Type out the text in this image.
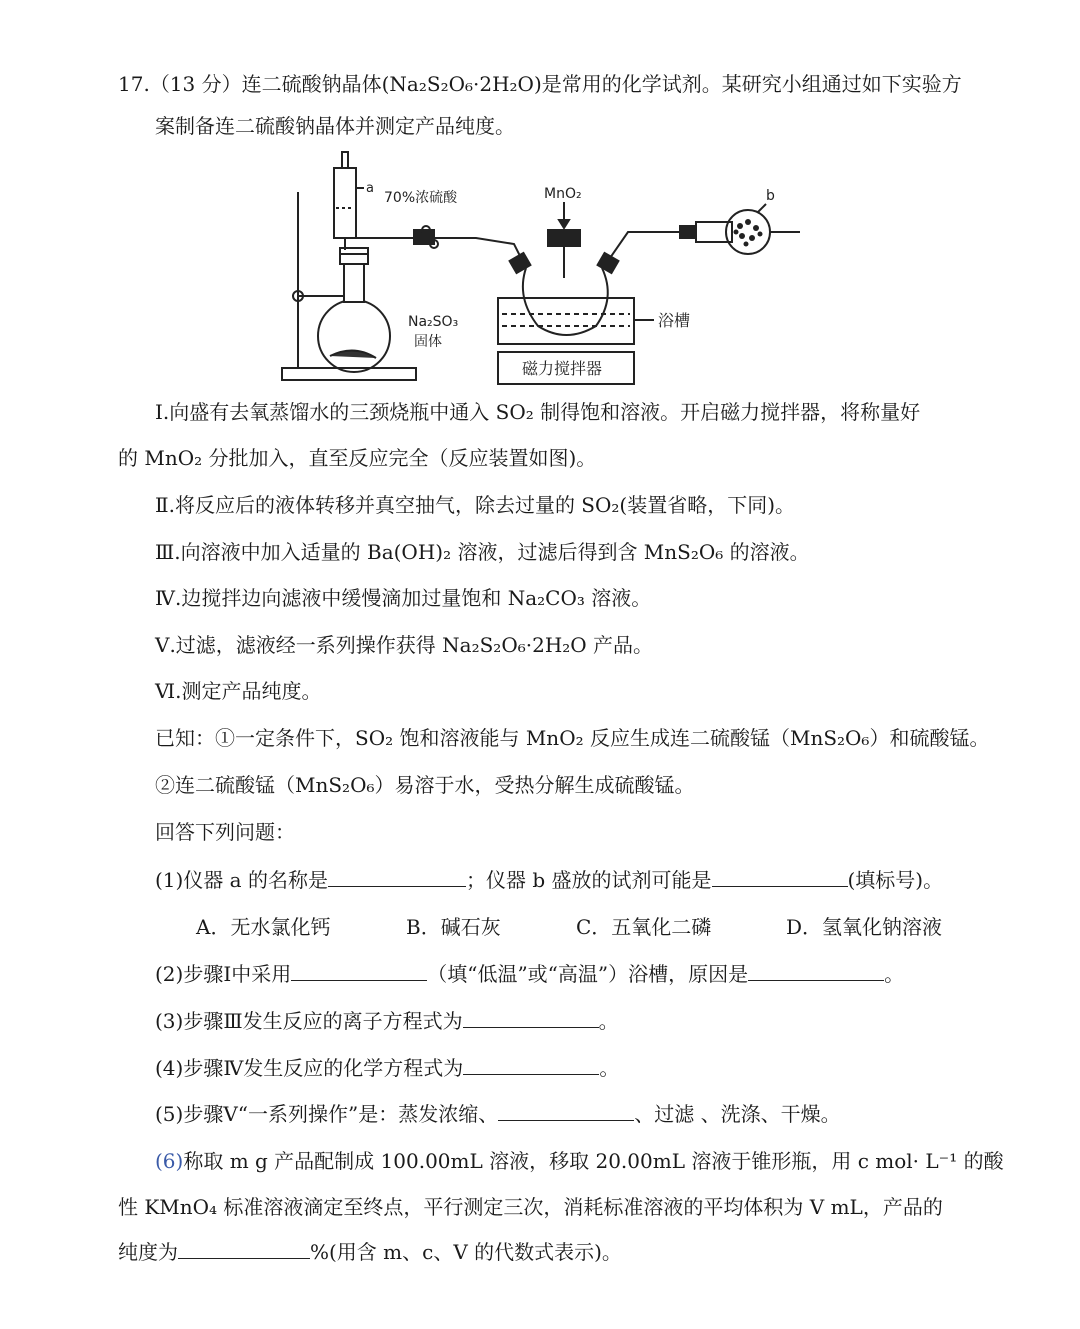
17.（13 分）连二硫酸钠晶体(Na₂S₂O₆·2H₂O)是常用的化学试剂。某研究小组通过如下实验方
案制备连二硫酸钠晶体并测定产品纯度。
a
70%浓硫酸	MnO₂	b
Na₂SO₃
固体
浴槽
磁力搅拌器
Ⅰ.向盛有去氧蒸馏水的三颈烧瓶中通入 SO₂ 制得饱和溶液。开启磁力搅拌器，将称量好
的 MnO₂ 分批加入，直至反应完全（反应装置如图)。
Ⅱ.将反应后的液体转移并真空抽气，除去过量的 SO₂(装置省略，下同)。
Ⅲ.向溶液中加入适量的 Ba(OH)₂ 溶液，过滤后得到含 MnS₂O₆ 的溶液。
Ⅳ.边搅拌边向滤液中缓慢滴加过量饱和 Na₂CO₃ 溶液。
Ⅴ.过滤，滤液经一系列操作获得 Na₂S₂O₆·2H₂O 产品。
Ⅵ.测定产品纯度。
已知：①一定条件下，SO₂ 饱和溶液能与 MnO₂ 反应生成连二硫酸锰（MnS₂O₆）和硫酸锰。
②连二硫酸锰（MnS₂O₆）易溶于水，受热分解生成硫酸锰。
回答下列问题：
(1)仪器 a 的名称是	；仪器 b 盛放的试剂可能是	(填标号)。
A．无水氯化钙	B．碱石灰	C．五氧化二磷	D．氢氧化钠溶液
(2)步骤Ⅰ中采用	（填“低温”或“高温”）浴槽，原因是	。
(3)步骤Ⅲ发生反应的离子方程式为	。
(4)步骤Ⅳ发生反应的化学方程式为	。
(5)步骤Ⅴ“一系列操作”是：蒸发浓缩、	、过滤 、洗涤、干燥。
(6)称取 m g 产品配制成 100.00mL 溶液，移取 20.00mL 溶液于锥形瓶，用 c mol· L⁻¹ 的酸
性 KMnO₄ 标准溶液滴定至终点，平行测定三次，消耗标准溶液的平均体积为 V mL，产品的
纯度为	%(用含 m、c、V 的代数式表示)。
